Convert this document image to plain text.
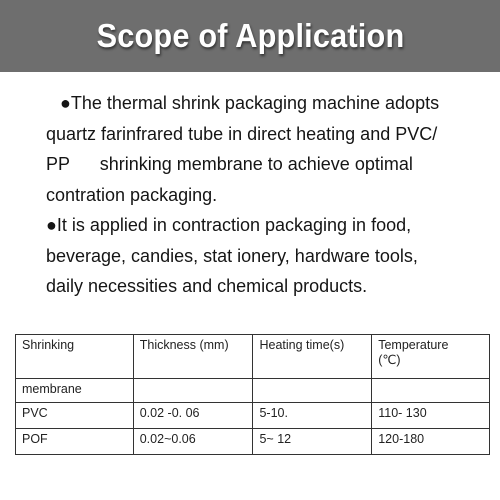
Scope of Application

●The thermal shrink packaging machine adopts
quartz farinfrared tube in direct heating and PVC/
PP      shrinking membrane to achieve optimal
contration packaging.

●It is applied in contraction packaging in food,
beverage, candies, stat ionery, hardware tools,
daily necessities and chemical products.

Shrinking	Thickness (mm)	Heating time(s)	Temperature
(℃)
membrane			
PVC	0.02 -0. 06	5-10.	110- 130
POF	0.02~0.06	5~ 12	120-180
